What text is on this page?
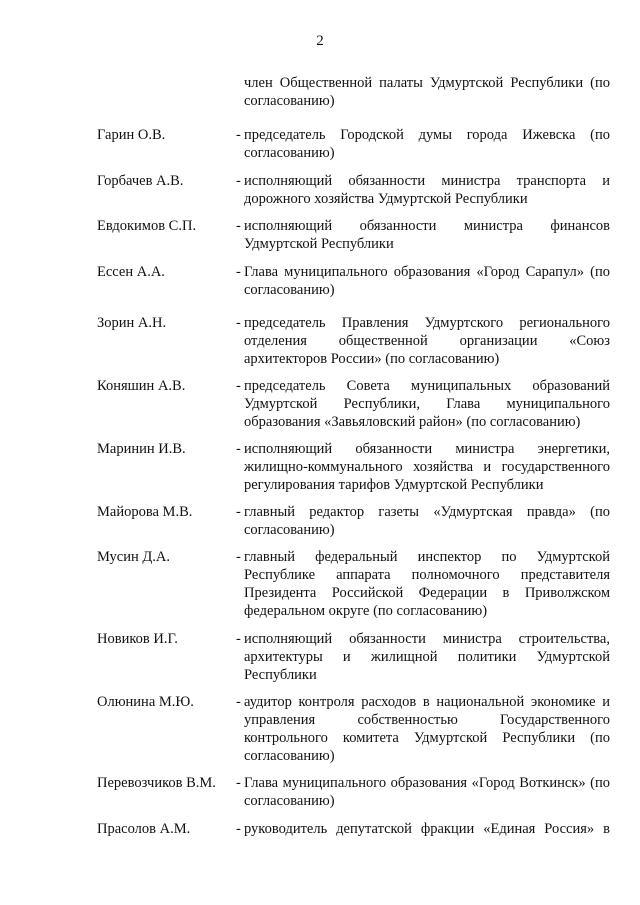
2
член Общественной палаты Удмуртской Республики (по согласованию)
Гарин О.В.	- председатель Городской думы города Ижевска (по согласованию)
Горбачев А.В.	- исполняющий обязанности министра транспорта и дорожного хозяйства Удмуртской Республики
Евдокимов С.П.	- исполняющий обязанности министра финансов Удмуртской Республики
Ессен А.А.	- Глава муниципального образования «Город Сарапул» (по согласованию)
Зорин А.Н.	- председатель Правления Удмуртского регионального отделения общественной организации «Союз архитекторов России» (по согласованию)
Коняшин А.В.	- председатель Совета муниципальных образований Удмуртской Республики, Глава муниципального образования «Завьяловский район» (по согласованию)
Маринин И.В.	- исполняющий обязанности министра энергетики, жилищно-коммунального хозяйства и государственного регулирования тарифов Удмуртской Республики
Майорова М.В.	- главный редактор газеты «Удмуртская правда» (по согласованию)
Мусин Д.А.	- главный федеральный инспектор по Удмуртской Республике аппарата полномочного представителя Президента Российской Федерации в Приволжском федеральном округе (по согласованию)
Новиков И.Г.	- исполняющий обязанности министра строительства, архитектуры и жилищной политики Удмуртской Республики
Олюнина М.Ю.	- аудитор контроля расходов в национальной экономике и управления собственностью Государственного контрольного комитета Удмуртской Республики (по согласованию)
Перевозчиков В.М. - Глава муниципального образования «Город Воткинск» (по согласованию)
Прасолов А.М.	- руководитель депутатской фракции «Единая Россия» в
